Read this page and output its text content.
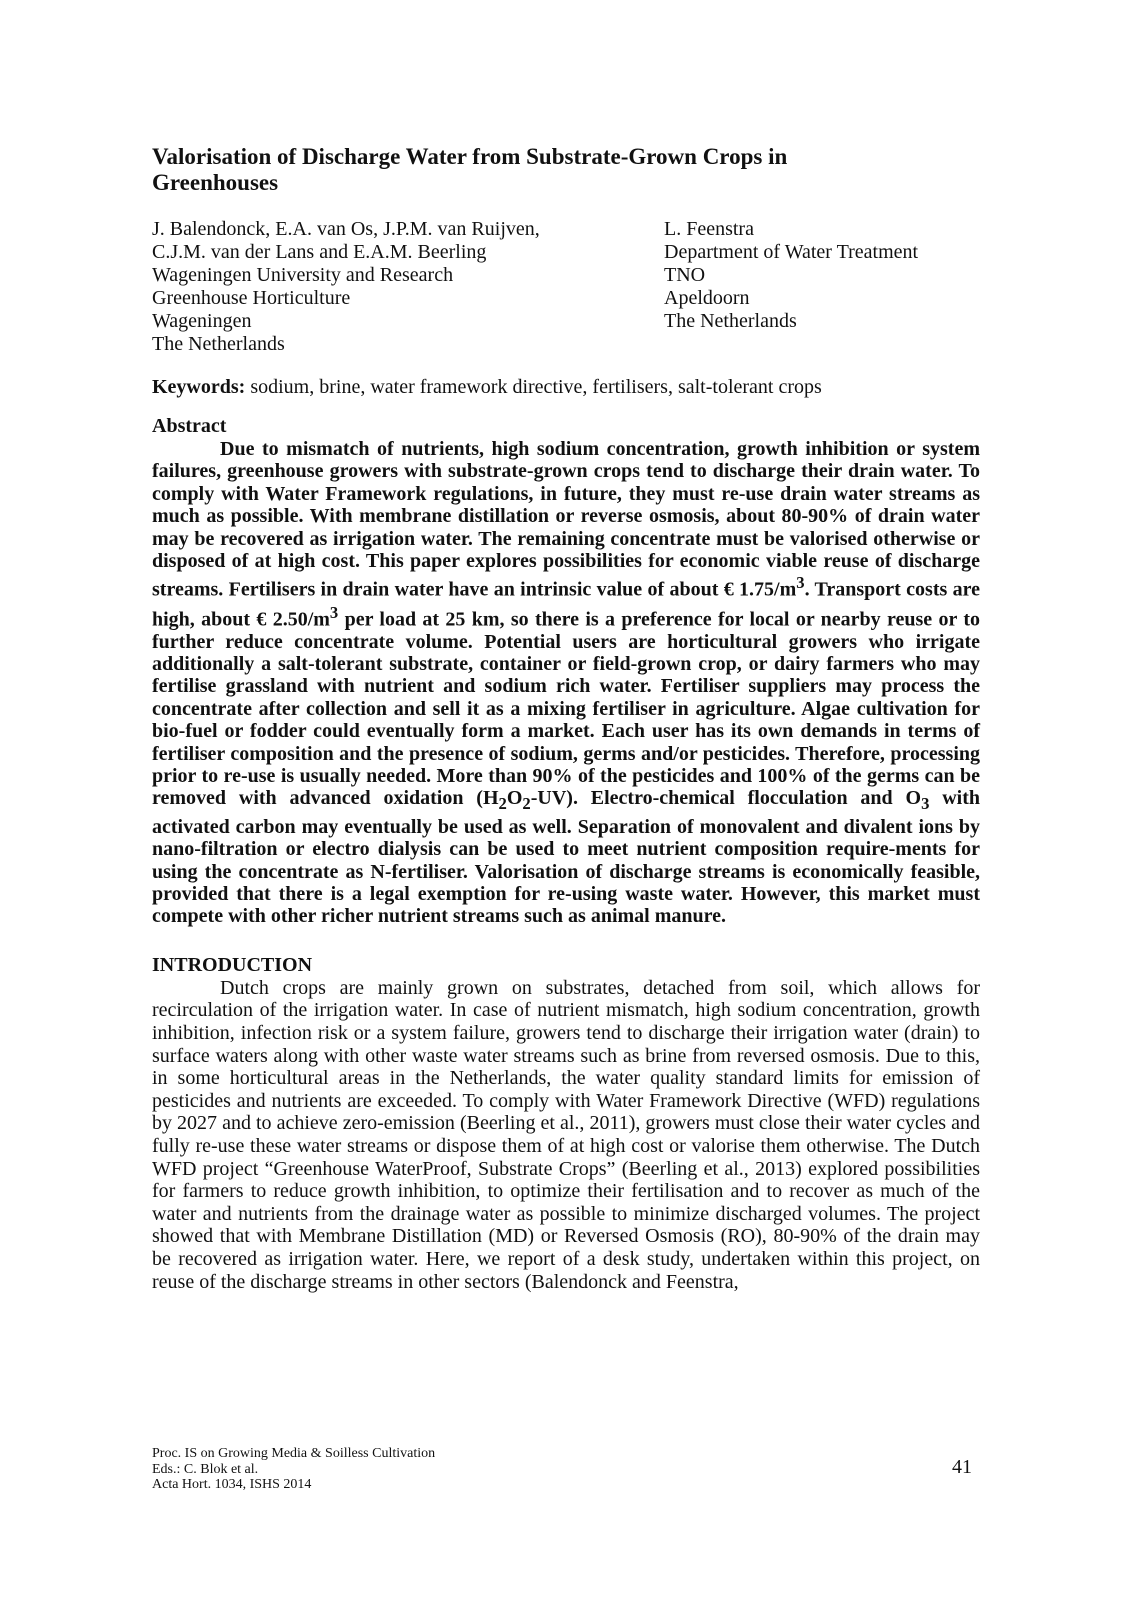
Valorisation of Discharge Water from Substrate-Grown Crops in Greenhouses
J. Balendonck, E.A. van Os, J.P.M. van Ruijven,
C.J.M. van der Lans and E.A.M. Beerling
Wageningen University and Research
Greenhouse Horticulture
Wageningen
The Netherlands
L. Feenstra
Department of Water Treatment
TNO
Apeldoorn
The Netherlands
Keywords: sodium, brine, water framework directive, fertilisers, salt-tolerant crops
Abstract

Due to mismatch of nutrients, high sodium concentration, growth inhibition or system failures, greenhouse growers with substrate-grown crops tend to discharge their drain water. To comply with Water Framework regulations, in future, they must re-use drain water streams as much as possible. With membrane distillation or reverse osmosis, about 80-90% of drain water may be recovered as irrigation water. The remaining concentrate must be valorised otherwise or disposed of at high cost. This paper explores possibilities for economic viable reuse of discharge streams. Fertilisers in drain water have an intrinsic value of about € $1.75/m^3$. Transport costs are high, about € $2.50/m^3$ per load at 25 km, so there is a preference for local or nearby reuse or to further reduce concentrate volume. Potential users are horticultural growers who irrigate additionally a salt-tolerant substrate, container or field-grown crop, or dairy farmers who may fertilise grassland with nutrient and sodium rich water. Fertiliser suppliers may process the concentrate after collection and sell it as a mixing fertiliser in agriculture. Algae cultivation for bio-fuel or fodder could eventually form a market. Each user has its own demands in terms of fertiliser composition and the presence of sodium, germs and/or pesticides. Therefore, processing prior to re-use is usually needed. More than 90% of the pesticides and 100% of the germs can be removed with advanced oxidation $(H_2O_2-UV)$. Electro-chemical flocculation and $O_3$ with activated carbon may eventually be used as well. Separation of monovalent and divalent ions by nano-filtration or electro dialysis can be used to meet nutrient composition require-ments for using the concentrate as N-fertiliser. Valorisation of discharge streams is economically feasible, provided that there is a legal exemption for re-using waste water. However, this market must compete with other richer nutrient streams such as animal manure.

INTRODUCTION

Dutch crops are mainly grown on substrates, detached from soil, which allows for recirculation of the irrigation water. In case of nutrient mismatch, high sodium concentration, growth inhibition, infection risk or a system failure, growers tend to discharge their irrigation water (drain) to surface waters along with other waste water streams such as brine from reversed osmosis. Due to this, in some horticultural areas in the Netherlands, the water quality standard limits for emission of pesticides and nutrients are exceeded. To comply with Water Framework Directive (WFD) regulations by 2027 and to achieve zero-emission (Beerling et al., 2011), growers must close their water cycles and fully re-use these water streams or dispose them of at high cost or valorise them otherwise. The Dutch WFD project “Greenhouse WaterProof, Substrate Crops” (Beerling et al., 2013) explored possibilities for farmers to reduce growth inhibition, to optimize their fertilisation and to recover as much of the water and nutrients from the drainage water as possible to minimize discharged volumes. The project showed that with Membrane Distillation (MD) or Reversed Osmosis (RO), 80-90% of the drain may be recovered as irrigation water. Here, we report of a desk study, undertaken within this project, on reuse of the discharge streams in other sectors (Balendonck and Feenstra,

Proc. IS on Growing Media & Soilless Cultivation
Eds.: C. Blok et al.
Acta Hort. 1034, ISHS 2014
41
